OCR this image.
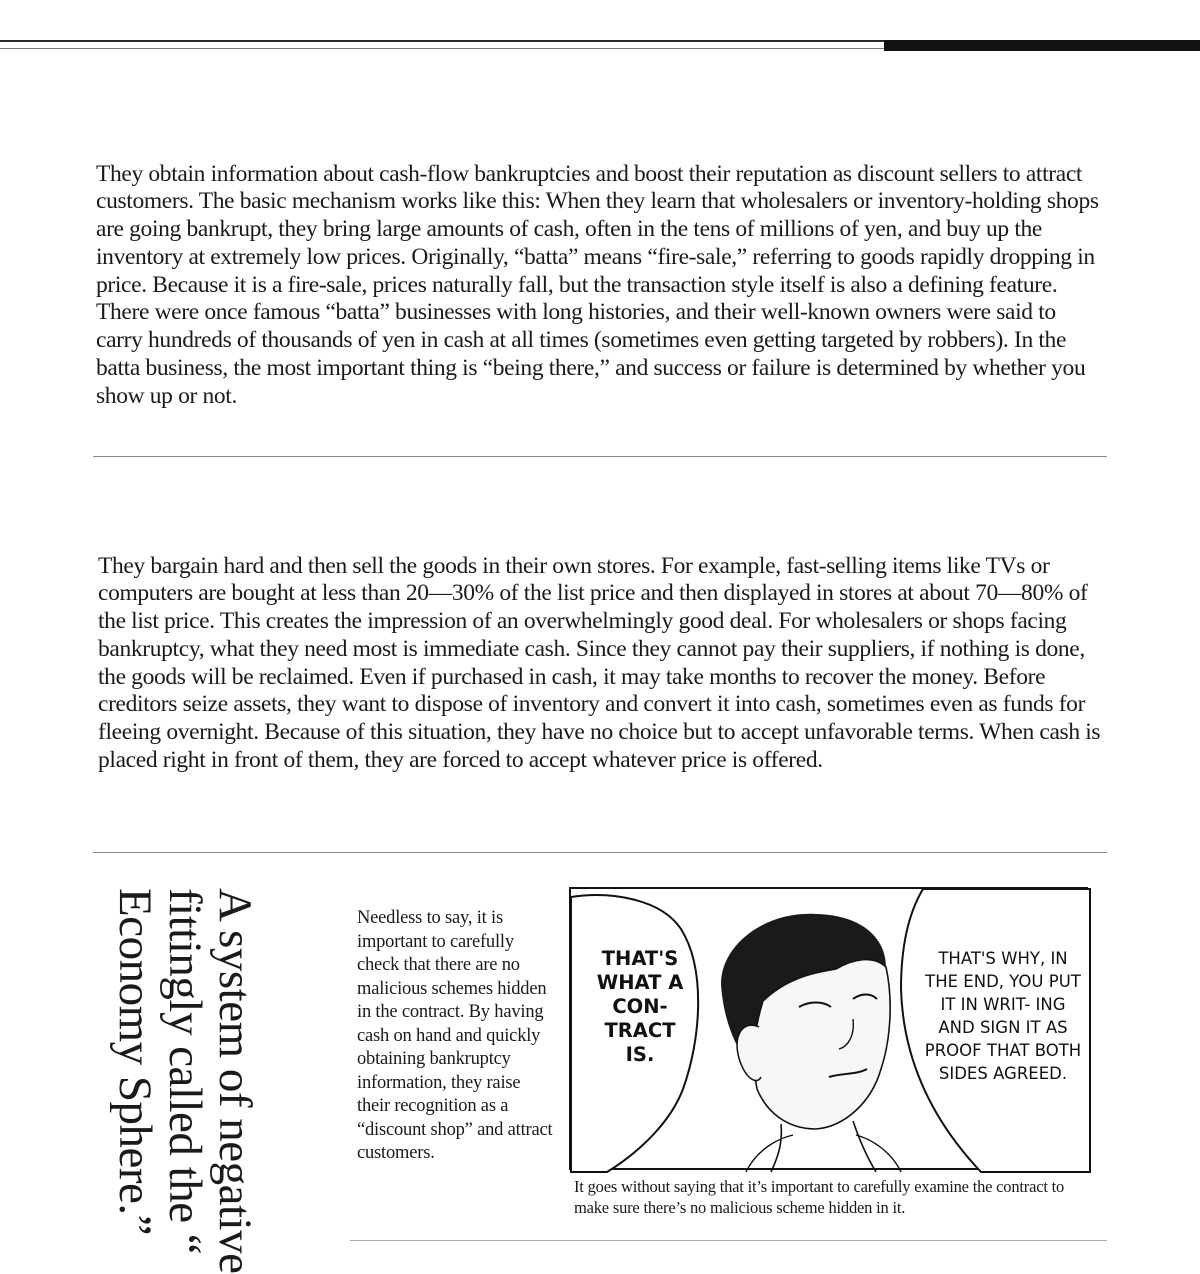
They obtain information about cash-flow bankruptcies and boost their reputation as discount sellers to attract customers. The basic mechanism works like this: When they learn that wholesalers or inventory-holding shops are going bankrupt, they bring large amounts of cash, often in the tens of millions of yen, and buy up the inventory at extremely low prices. Originally, “batta” means “fire-sale,” referring to goods rapidly dropping in price. Because it is a fire-sale, prices naturally fall, but the transaction style itself is also a defining feature. There were once famous “batta” businesses with long histories, and their well-known owners were said to carry hundreds of thousands of yen in cash at all times (sometimes even getting targeted by robbers). In the batta business, the most important thing is “being there,” and success or failure is determined by whether you show up or not.

They bargain hard and then sell the goods in their own stores. For example, fast-selling items like TVs or computers are bought at less than 20—30% of the list price and then displayed in stores at about 70—80% of the list price. This creates the impression of an overwhelmingly good deal. For wholesalers or shops facing bankruptcy, what they need most is immediate cash. Since they cannot pay their suppliers, if nothing is done, the goods will be reclaimed. Even if purchased in cash, it may take months to recover the money. Before creditors seize assets, they want to dispose of inventory and convert it into cash, sometimes even as funds for fleeing overnight. Because of this situation, they have no choice but to accept unfavorable terms. When cash is placed right in front of them, they are forced to accept whatever price is offered.

A system of negative
fittingly called the “
Economy Sphere.”	Needless to say, it is important to carefully check that there are no malicious schemes hidden in the contract. By having cash on hand and quickly obtaining bankruptcy information, they raise their recognition as a “discount shop” and attract customers.

THAT'S WHAT A CON- TRACT IS.
THAT'S WHY, IN THE END, YOU PUT IT IN WRIT- ING AND SIGN IT AS PROOF THAT BOTH SIDES AGREED.

It goes without saying that it’s important to carefully examine the contract to make sure there’s no malicious scheme hidden in it.
